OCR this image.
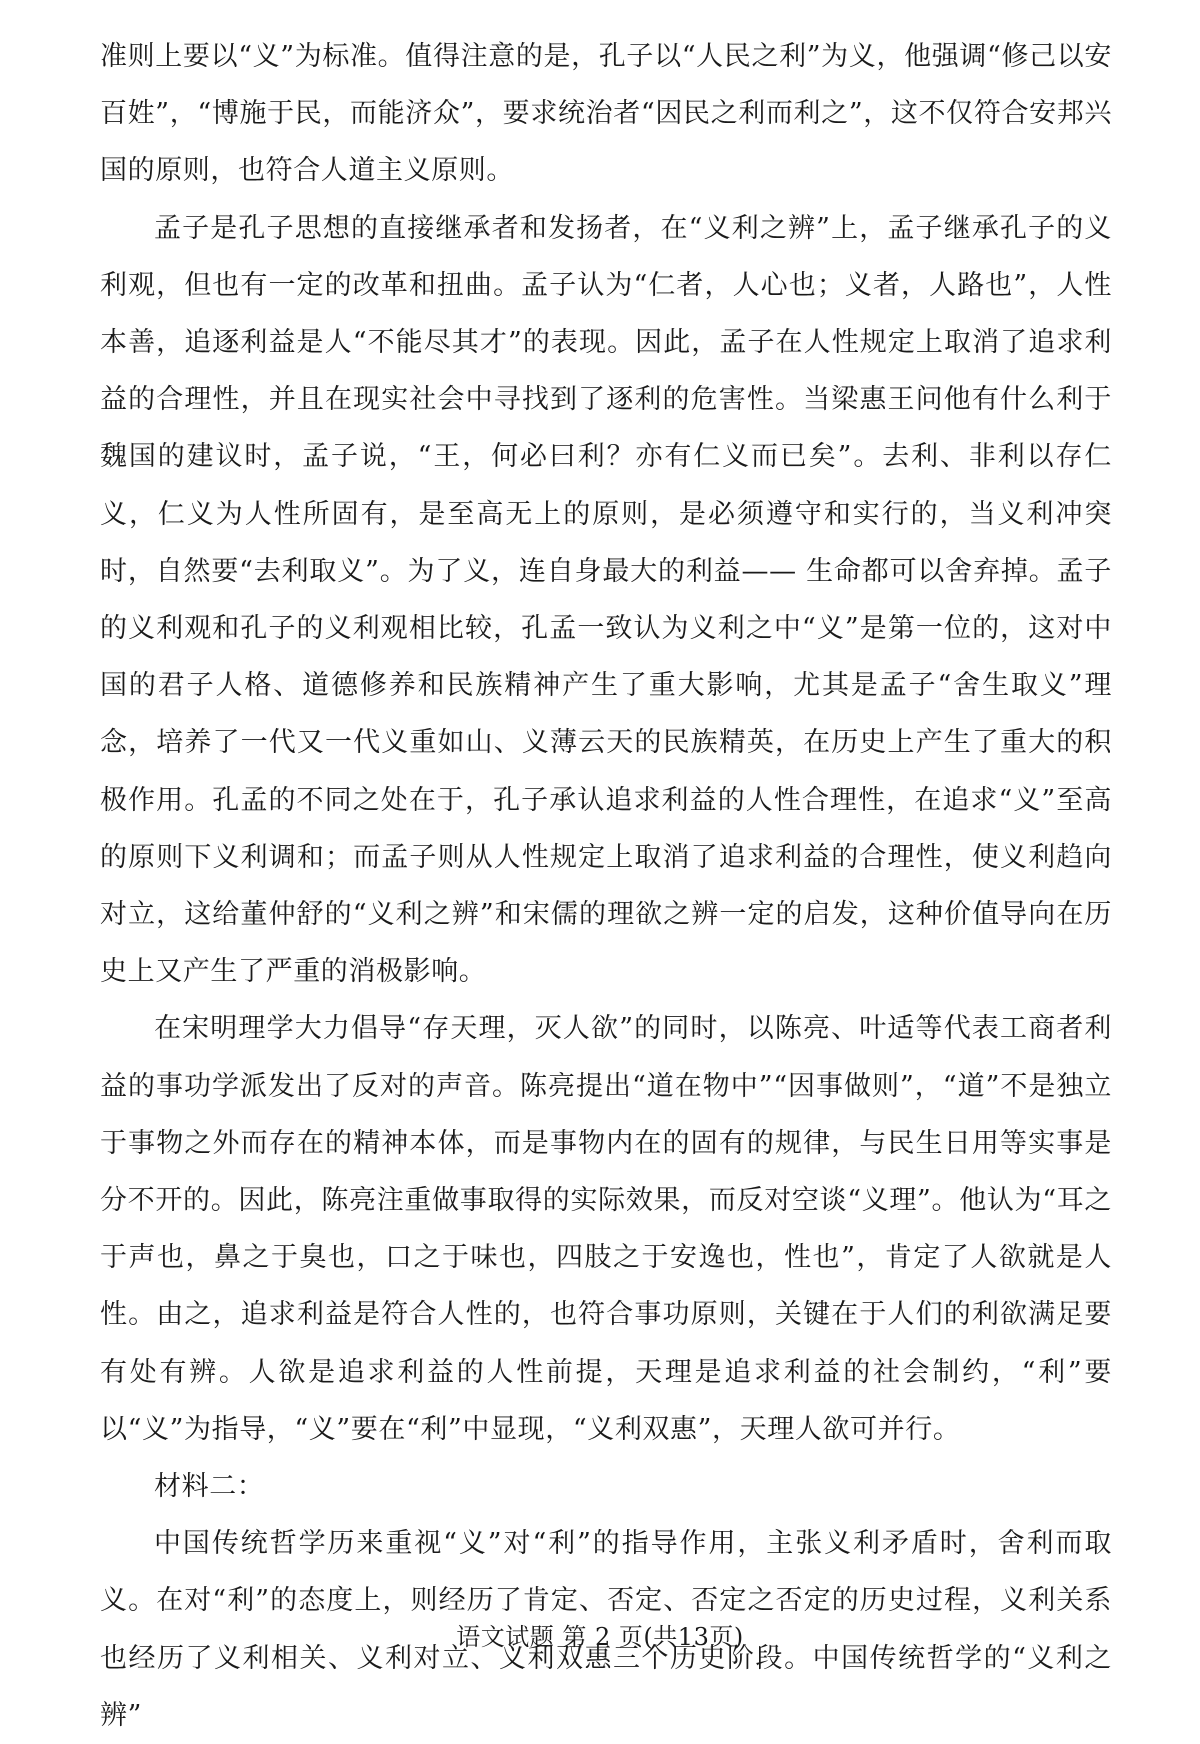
准则上要以“义”为标准。值得注意的是，孔子以“人民之利”为义，他强调“修己以安百姓”，“博施于民，而能济众”，要求统治者“因民之利而利之”，这不仅符合安邦兴国的原则，也符合人道主义原则。

孟子是孔子思想的直接继承者和发扬者，在“义利之辨”上，孟子继承孔子的义利观，但也有一定的改革和扭曲。孟子认为“仁者，人心也；义者，人路也”，人性本善，追逐利益是人“不能尽其才”的表现。因此，孟子在人性规定上取消了追求利益的合理性，并且在现实社会中寻找到了逐利的危害性。当梁惠王问他有什么利于魏国的建议时，孟子说，“王，何必曰利？亦有仁义而已矣”。去利、非利以存仁义，仁义为人性所固有，是至高无上的原则，是必须遵守和实行的，当义利冲突时，自然要“去利取义”。为了义，连自身最大的利益—— 生命都可以舍弃掉。孟子的义利观和孔子的义利观相比较，孔孟一致认为义利之中“义”是第一位的，这对中国的君子人格、道德修养和民族精神产生了重大影响，尤其是孟子“舍生取义”理念，培养了一代又一代义重如山、义薄云天的民族精英，在历史上产生了重大的积极作用。孔孟的不同之处在于，孔子承认追求利益的人性合理性，在追求“义”至高的原则下义利调和；而孟子则从人性规定上取消了追求利益的合理性，使义利趋向对立，这给董仲舒的“义利之辨”和宋儒的理欲之辨一定的启发，这种价值导向在历史上又产生了严重的消极影响。

在宋明理学大力倡导“存天理，灭人欲”的同时，以陈亮、叶适等代表工商者利益的事功学派发出了反对的声音。陈亮提出“道在物中”“因事做则”，“道”不是独立于事物之外而存在的精神本体，而是事物内在的固有的规律，与民生日用等实事是分不开的。因此，陈亮注重做事取得的实际效果，而反对空谈“义理”。他认为“耳之于声也，鼻之于臭也，口之于味也，四肢之于安逸也，性也”，肯定了人欲就是人性。由之，追求利益是符合人性的，也符合事功原则，关键在于人们的利欲满足要有处有辨。人欲是追求利益的人性前提，天理是追求利益的社会制约，“利”要以“义”为指导，“义”要在“利”中显现，“义利双惠”，天理人欲可并行。

材料二：

中国传统哲学历来重视“义”对“利”的指导作用，主张义利矛盾时，舍利而取义。在对“利”的态度上，则经历了肯定、否定、否定之否定的历史过程，义利关系也经历了义利相关、义利对立、义利双惠三个历史阶段。中国传统哲学的“义利之辨”

语文试题 第 2 页(共13页)
